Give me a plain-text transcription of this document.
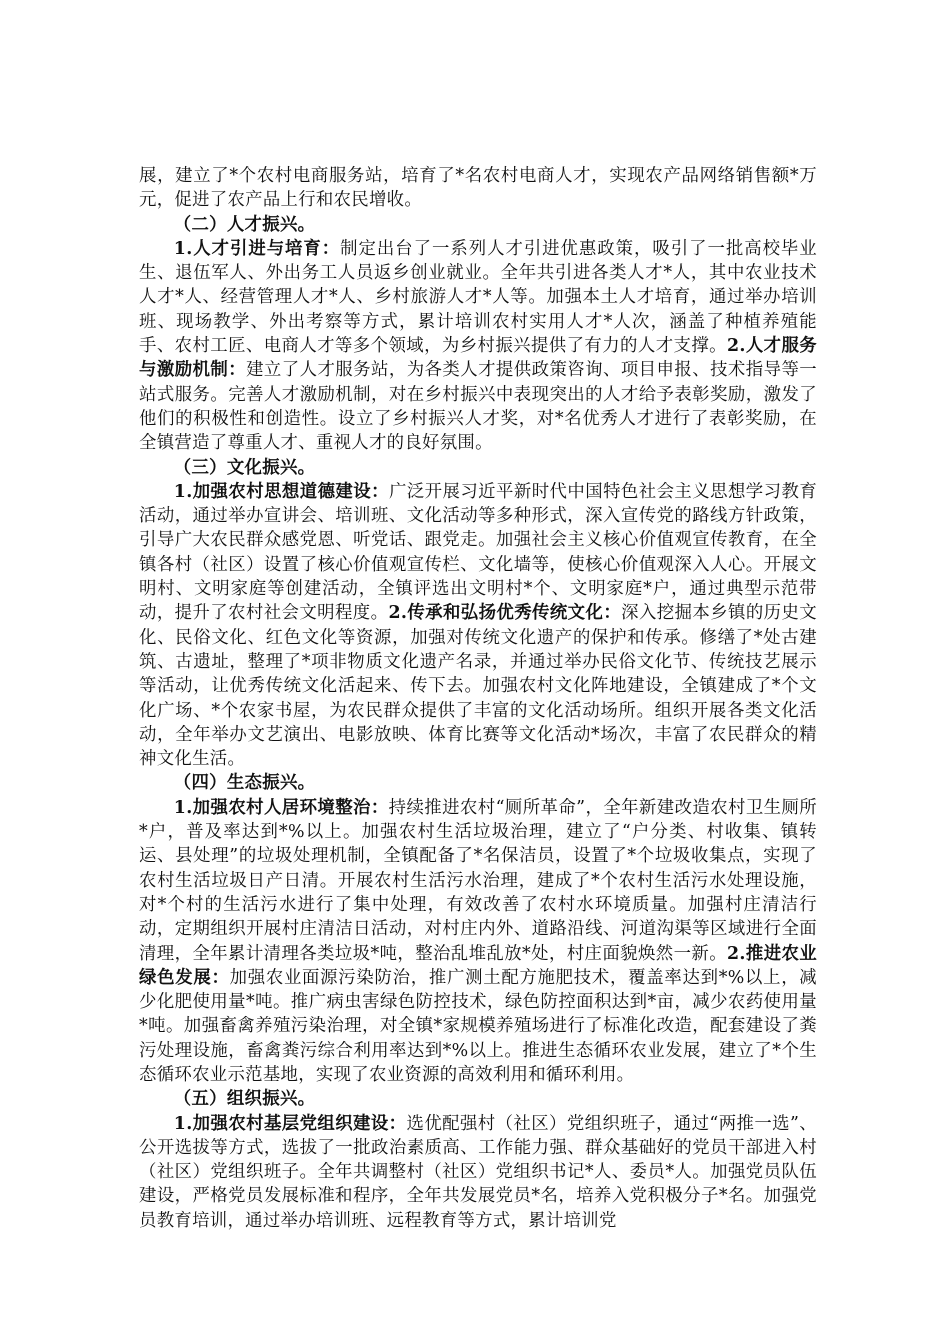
展，建立了*个农村电商服务站，培育了*名农村电商人才，实现农产品网络销售额*万元，促进了农产品上行和农民增收。

（二）人才振兴。

1.人才引进与培育：制定出台了一系列人才引进优惠政策，吸引了一批高校毕业生、退伍军人、外出务工人员返乡创业就业。全年共引进各类人才*人，其中农业技术人才*人、经营管理人才*人、乡村旅游人才*人等。加强本土人才培育，通过举办培训班、现场教学、外出考察等方式，累计培训农村实用人才*人次，涵盖了种植养殖能手、农村工匠、电商人才等多个领域，为乡村振兴提供了有力的人才支撑。2.人才服务与激励机制：建立了人才服务站，为各类人才提供政策咨询、项目申报、技术指导等一站式服务。完善人才激励机制，对在乡村振兴中表现突出的人才给予表彰奖励，激发了他们的积极性和创造性。设立了乡村振兴人才奖，对*名优秀人才进行了表彰奖励，在全镇营造了尊重人才、重视人才的良好氛围。

（三）文化振兴。

1.加强农村思想道德建设：广泛开展习近平新时代中国特色社会主义思想学习教育活动，通过举办宣讲会、培训班、文化活动等多种形式，深入宣传党的路线方针政策，引导广大农民群众感党恩、听党话、跟党走。加强社会主义核心价值观宣传教育，在全镇各村（社区）设置了核心价值观宣传栏、文化墙等，使核心价值观深入人心。开展文明村、文明家庭等创建活动，全镇评选出文明村*个、文明家庭*户，通过典型示范带动，提升了农村社会文明程度。2.传承和弘扬优秀传统文化：深入挖掘本乡镇的历史文化、民俗文化、红色文化等资源，加强对传统文化遗产的保护和传承。修缮了*处古建筑、古遗址，整理了*项非物质文化遗产名录，并通过举办民俗文化节、传统技艺展示等活动，让优秀传统文化活起来、传下去。加强农村文化阵地建设，全镇建成了*个文化广场、*个农家书屋，为农民群众提供了丰富的文化活动场所。组织开展各类文化活动，全年举办文艺演出、电影放映、体育比赛等文化活动*场次，丰富了农民群众的精神文化生活。

（四）生态振兴。

1.加强农村人居环境整治：持续推进农村“厕所革命”，全年新建改造农村卫生厕所*户，普及率达到*%以上。加强农村生活垃圾治理，建立了“户分类、村收集、镇转运、县处理”的垃圾处理机制，全镇配备了*名保洁员，设置了*个垃圾收集点，实现了农村生活垃圾日产日清。开展农村生活污水治理，建成了*个农村生活污水处理设施，对*个村的生活污水进行了集中处理，有效改善了农村水环境质量。加强村庄清洁行动，定期组织开展村庄清洁日活动，对村庄内外、道路沿线、河道沟渠等区域进行全面清理，全年累计清理各类垃圾*吨，整治乱堆乱放*处，村庄面貌焕然一新。2.推进农业绿色发展：加强农业面源污染防治，推广测土配方施肥技术，覆盖率达到*%以上，减少化肥使用量*吨。推广病虫害绿色防控技术，绿色防控面积达到*亩，减少农药使用量*吨。加强畜禽养殖污染治理，对全镇*家规模养殖场进行了标准化改造，配套建设了粪污处理设施，畜禽粪污综合利用率达到*%以上。推进生态循环农业发展，建立了*个生态循环农业示范基地，实现了农业资源的高效利用和循环利用。

（五）组织振兴。

1.加强农村基层党组织建设：选优配强村（社区）党组织班子，通过“两推一选”、公开选拔等方式，选拔了一批政治素质高、工作能力强、群众基础好的党员干部进入村（社区）党组织班子。全年共调整村（社区）党组织书记*人、委员*人。加强党员队伍建设，严格党员发展标准和程序，全年共发展党员*名，培养入党积极分子*名。加强党员教育培训，通过举办培训班、远程教育等方式，累计培训党
